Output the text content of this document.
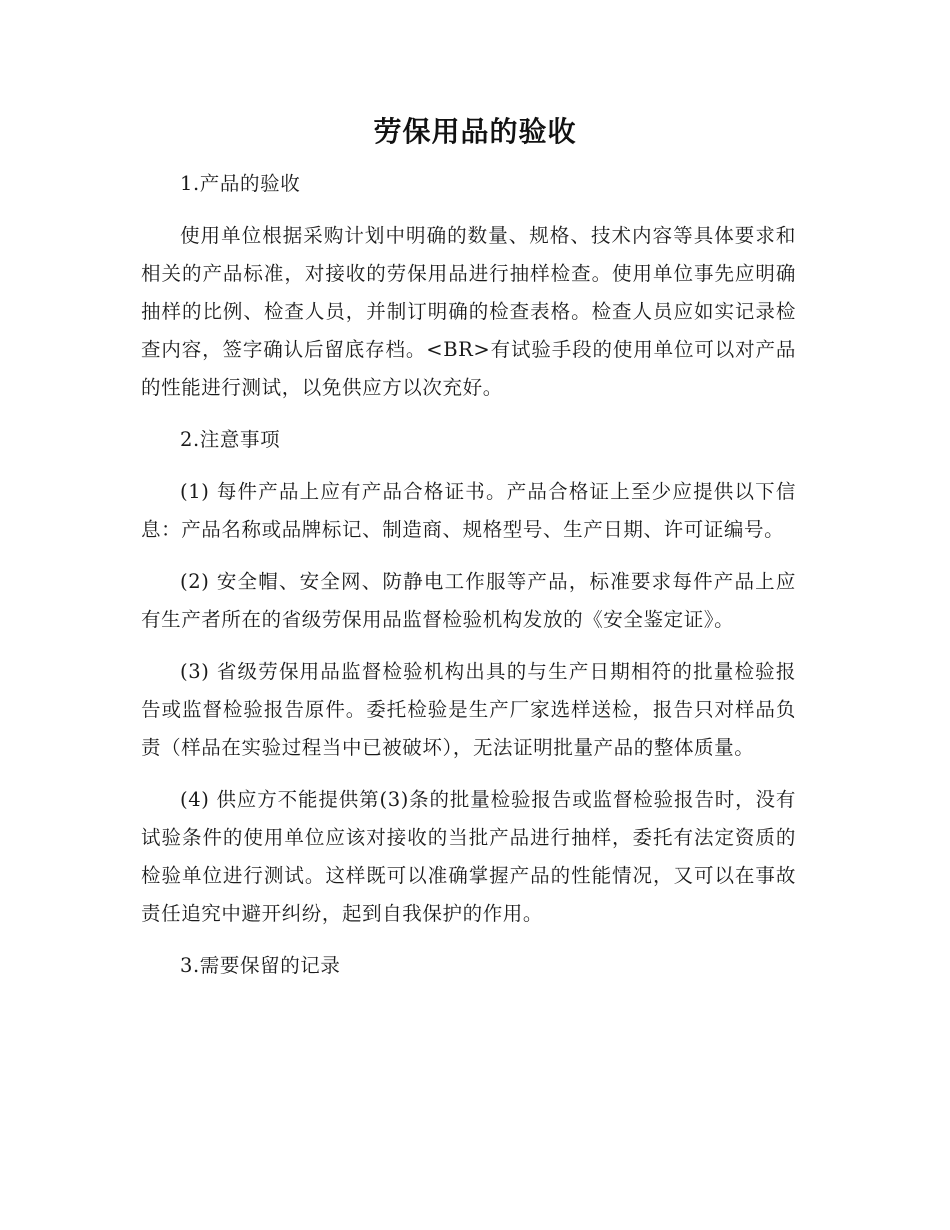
劳保用品的验收

1.产品的验收

使用单位根据采购计划中明确的数量、规格、技术内容等具体要求和相关的产品标准，对接收的劳保用品进行抽样检查。使用单位事先应明确抽样的比例、检查人员，并制订明确的检查表格。检查人员应如实记录检查内容，签字确认后留底存档。<BR>有试验手段的使用单位可以对产品的性能进行测试，以免供应方以次充好。

2.注意事项

(1) 每件产品上应有产品合格证书。产品合格证上至少应提供以下信息：产品名称或品牌标记、制造商、规格型号、生产日期、许可证编号。

(2) 安全帽、安全网、防静电工作服等产品，标准要求每件产品上应有生产者所在的省级劳保用品监督检验机构发放的《安全鉴定证》。

(3) 省级劳保用品监督检验机构出具的与生产日期相符的批量检验报告或监督检验报告原件。委托检验是生产厂家选样送检，报告只对样品负责（样品在实验过程当中已被破坏），无法证明批量产品的整体质量。

(4) 供应方不能提供第(3)条的批量检验报告或监督检验报告时，没有试验条件的使用单位应该对接收的当批产品进行抽样，委托有法定资质的检验单位进行测试。这样既可以准确掌握产品的性能情况，又可以在事故责任追究中避开纠纷，起到自我保护的作用。

3.需要保留的记录
